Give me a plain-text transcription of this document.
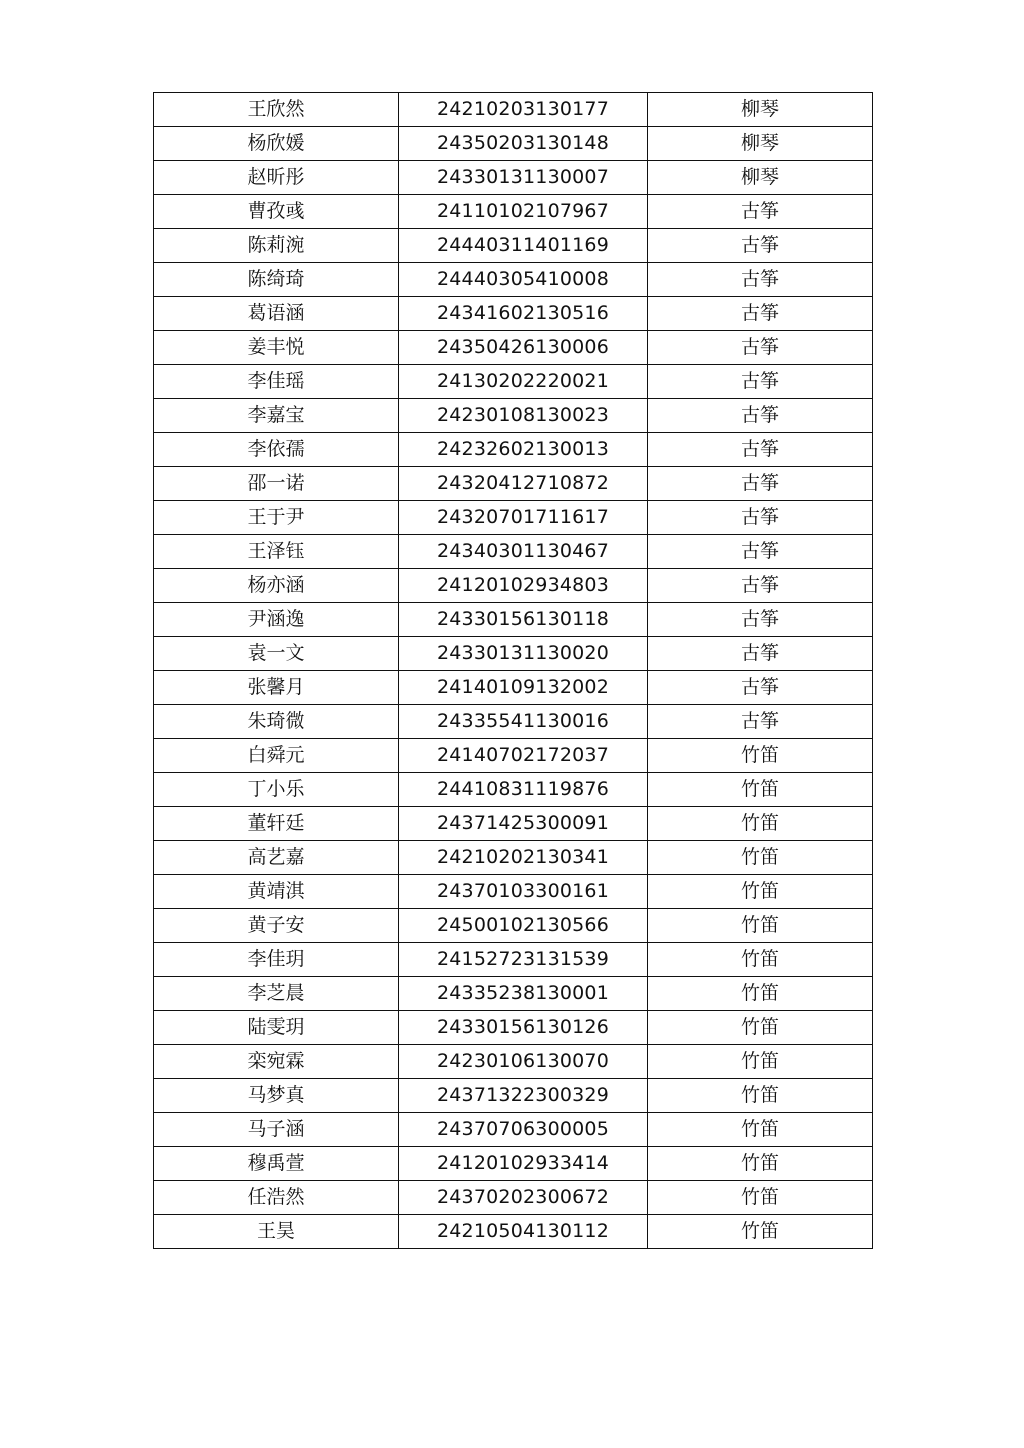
王欣然	24210203130177	柳琴
杨欣媛	24350203130148	柳琴
赵昕彤	24330131130007	柳琴
曹孜彧	24110102107967	古筝
陈莉涴	24440311401169	古筝
陈绮琦	24440305410008	古筝
葛语涵	24341602130516	古筝
姜丰悦	24350426130006	古筝
李佳瑶	24130202220021	古筝
李嘉宝	24230108130023	古筝
李依孺	24232602130013	古筝
邵一诺	24320412710872	古筝
王于尹	24320701711617	古筝
王泽钰	24340301130467	古筝
杨亦涵	24120102934803	古筝
尹涵逸	24330156130118	古筝
袁一文	24330131130020	古筝
张馨月	24140109132002	古筝
朱琦微	24335541130016	古筝
白舜元	24140702172037	竹笛
丁小乐	24410831119876	竹笛
董轩廷	24371425300091	竹笛
高艺嘉	24210202130341	竹笛
黄靖淇	24370103300161	竹笛
黄子安	24500102130566	竹笛
李佳玥	24152723131539	竹笛
李芝晨	24335238130001	竹笛
陆雯玥	24330156130126	竹笛
栾宛霖	24230106130070	竹笛
马梦真	24371322300329	竹笛
马子涵	24370706300005	竹笛
穆禹萱	24120102933414	竹笛
任浩然	24370202300672	竹笛
王昊	24210504130112	竹笛
